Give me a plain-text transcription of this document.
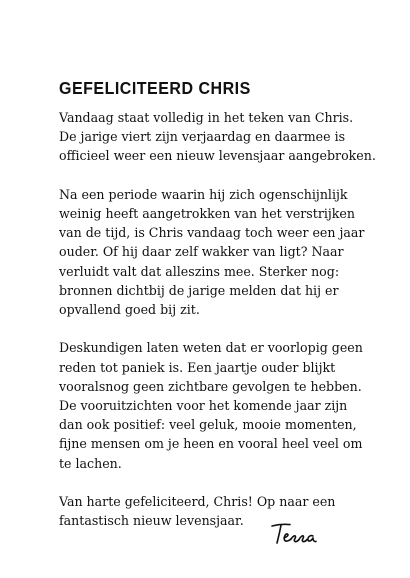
GEFELICITEERD CHRIS

Vandaag staat volledig in het teken van Chris.
De jarige viert zijn verjaardag en daarmee is
officieel weer een nieuw levensjaar aangebroken.

Na een periode waarin hij zich ogenschijnlijk
weinig heeft aangetrokken van het verstrijken
van de tijd, is Chris vandaag toch weer een jaar
ouder. Of hij daar zelf wakker van ligt? Naar
verluidt valt dat alleszins mee. Sterker nog:
bronnen dichtbij de jarige melden dat hij er
opvallend goed bij zit.

Deskundigen laten weten dat er voorlopig geen
reden tot paniek is. Een jaartje ouder blijkt
vooralsnog geen zichtbare gevolgen te hebben.
De vooruitzichten voor het komende jaar zijn
dan ook positief: veel geluk, mooie momenten,
fijne mensen om je heen en vooral heel veel om
te lachen.

Van harte gefeliciteerd, Chris! Op naar een
fantastisch nieuw levensjaar.
